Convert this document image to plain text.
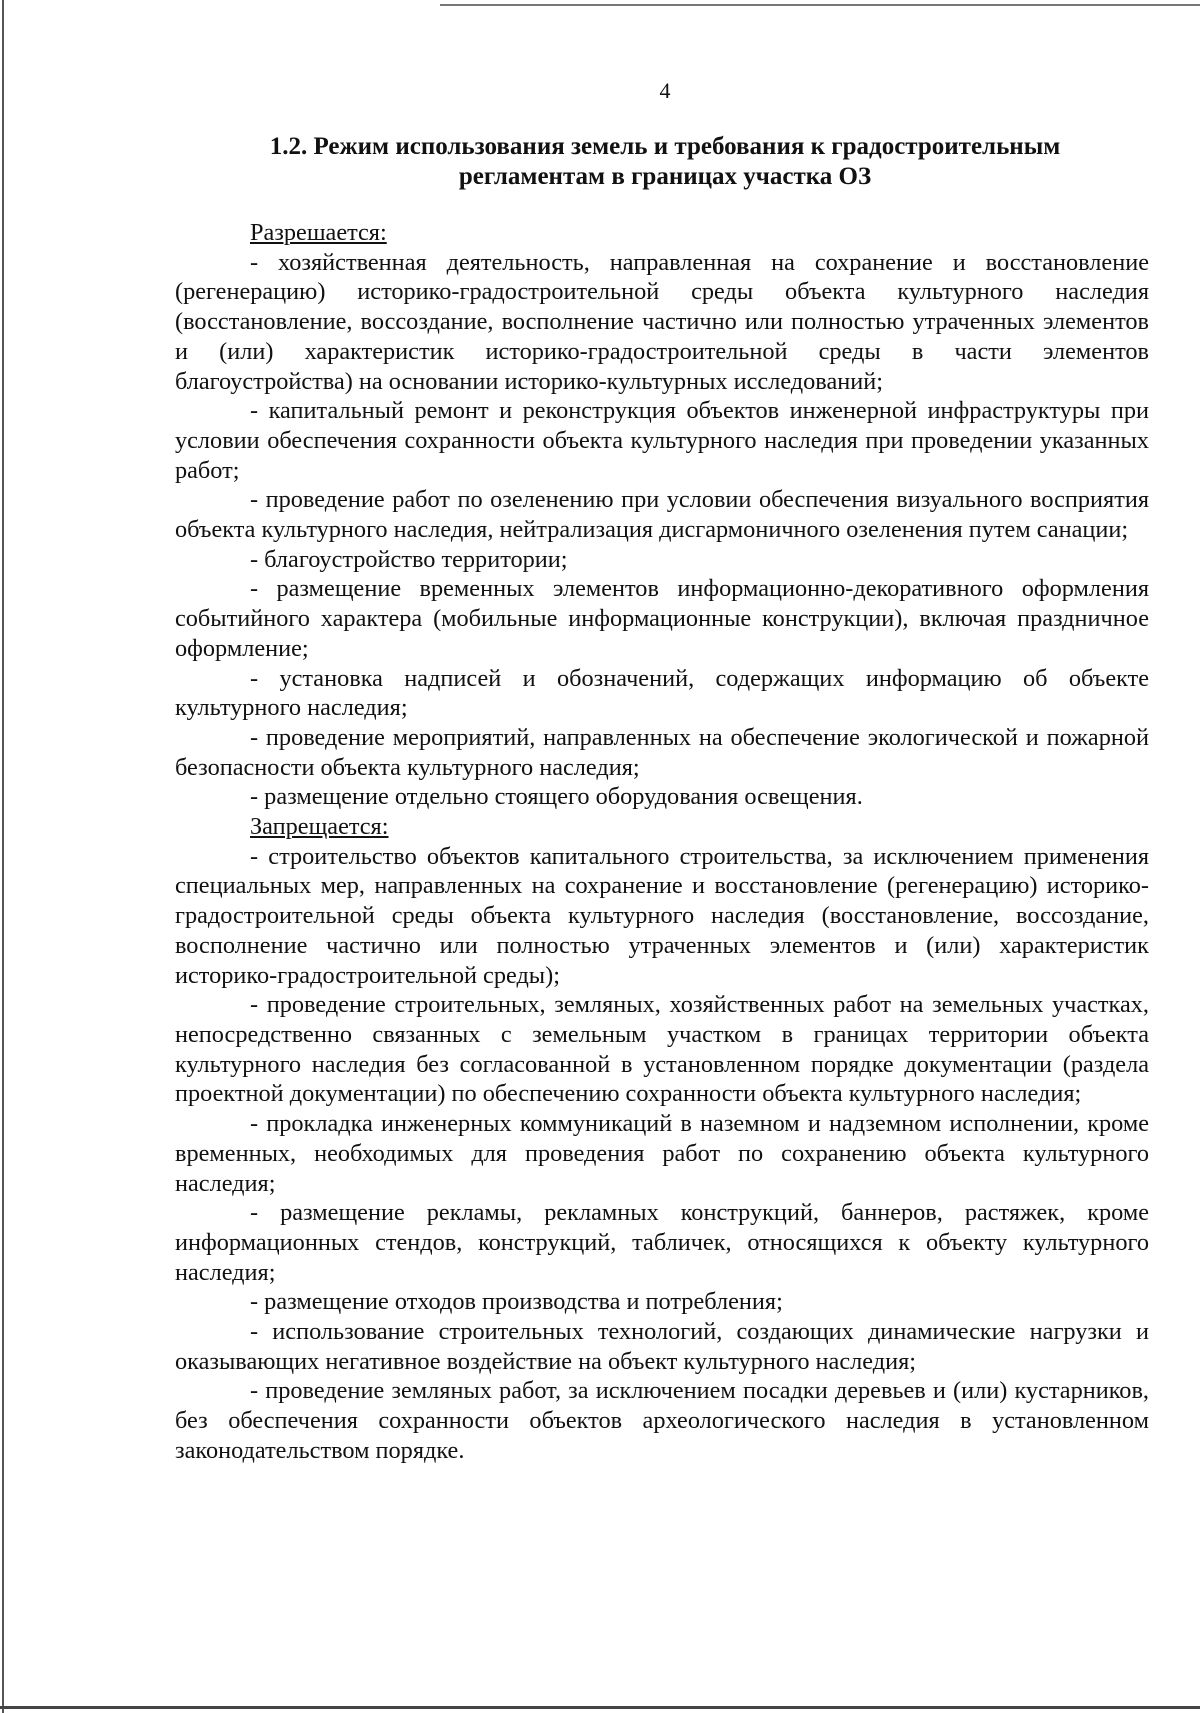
4
1.2. Режим использования земель и требования к градостроительным
регламентам в границах участка ОЗ
Разрешается:
- хозяйственная деятельность, направленная на сохранение и восстановление (регенерацию) историко-градостроительной среды объекта культурного наследия (восстановление, воссоздание, восполнение частично или полностью утраченных элементов и (или) характеристик историко-градостроительной среды в части элементов благоустройства) на основании историко-культурных исследований;
- капитальный ремонт и реконструкция объектов инженерной инфраструктуры при условии обеспечения сохранности объекта культурного наследия при проведении указанных работ;
- проведение работ по озеленению при условии обеспечения визуального восприятия объекта культурного наследия, нейтрализация дисгармоничного озеленения путем санации;
- благоустройство территории;
- размещение временных элементов информационно-декоративного оформления событийного характера (мобильные информационные конструкции), включая праздничное оформление;
- установка надписей и обозначений, содержащих информацию об объекте культурного наследия;
- проведение мероприятий, направленных на обеспечение экологической и пожарной безопасности объекта культурного наследия;
- размещение отдельно стоящего оборудования освещения.
Запрещается:
- строительство объектов капитального строительства, за исключением применения специальных мер, направленных на сохранение и восстановление (регенерацию) историко-градостроительной среды объекта культурного наследия (восстановление, воссоздание, восполнение частично или полностью утраченных элементов и (или) характеристик историко-градостроительной среды);
- проведение строительных, земляных, хозяйственных работ на земельных участках, непосредственно связанных с земельным участком в границах территории объекта культурного наследия без согласованной в установленном порядке документации (раздела проектной документации) по обеспечению сохранности объекта культурного наследия;
- прокладка инженерных коммуникаций в наземном и надземном исполнении, кроме временных, необходимых для проведения работ по сохранению объекта культурного наследия;
- размещение рекламы, рекламных конструкций, баннеров, растяжек, кроме информационных стендов, конструкций, табличек, относящихся к объекту культурного наследия;
- размещение отходов производства и потребления;
- использование строительных технологий, создающих динамические нагрузки и оказывающих негативное воздействие на объект культурного наследия;
- проведение земляных работ, за исключением посадки деревьев и (или) кустарников, без обеспечения сохранности объектов археологического наследия в установленном законодательством порядке.
